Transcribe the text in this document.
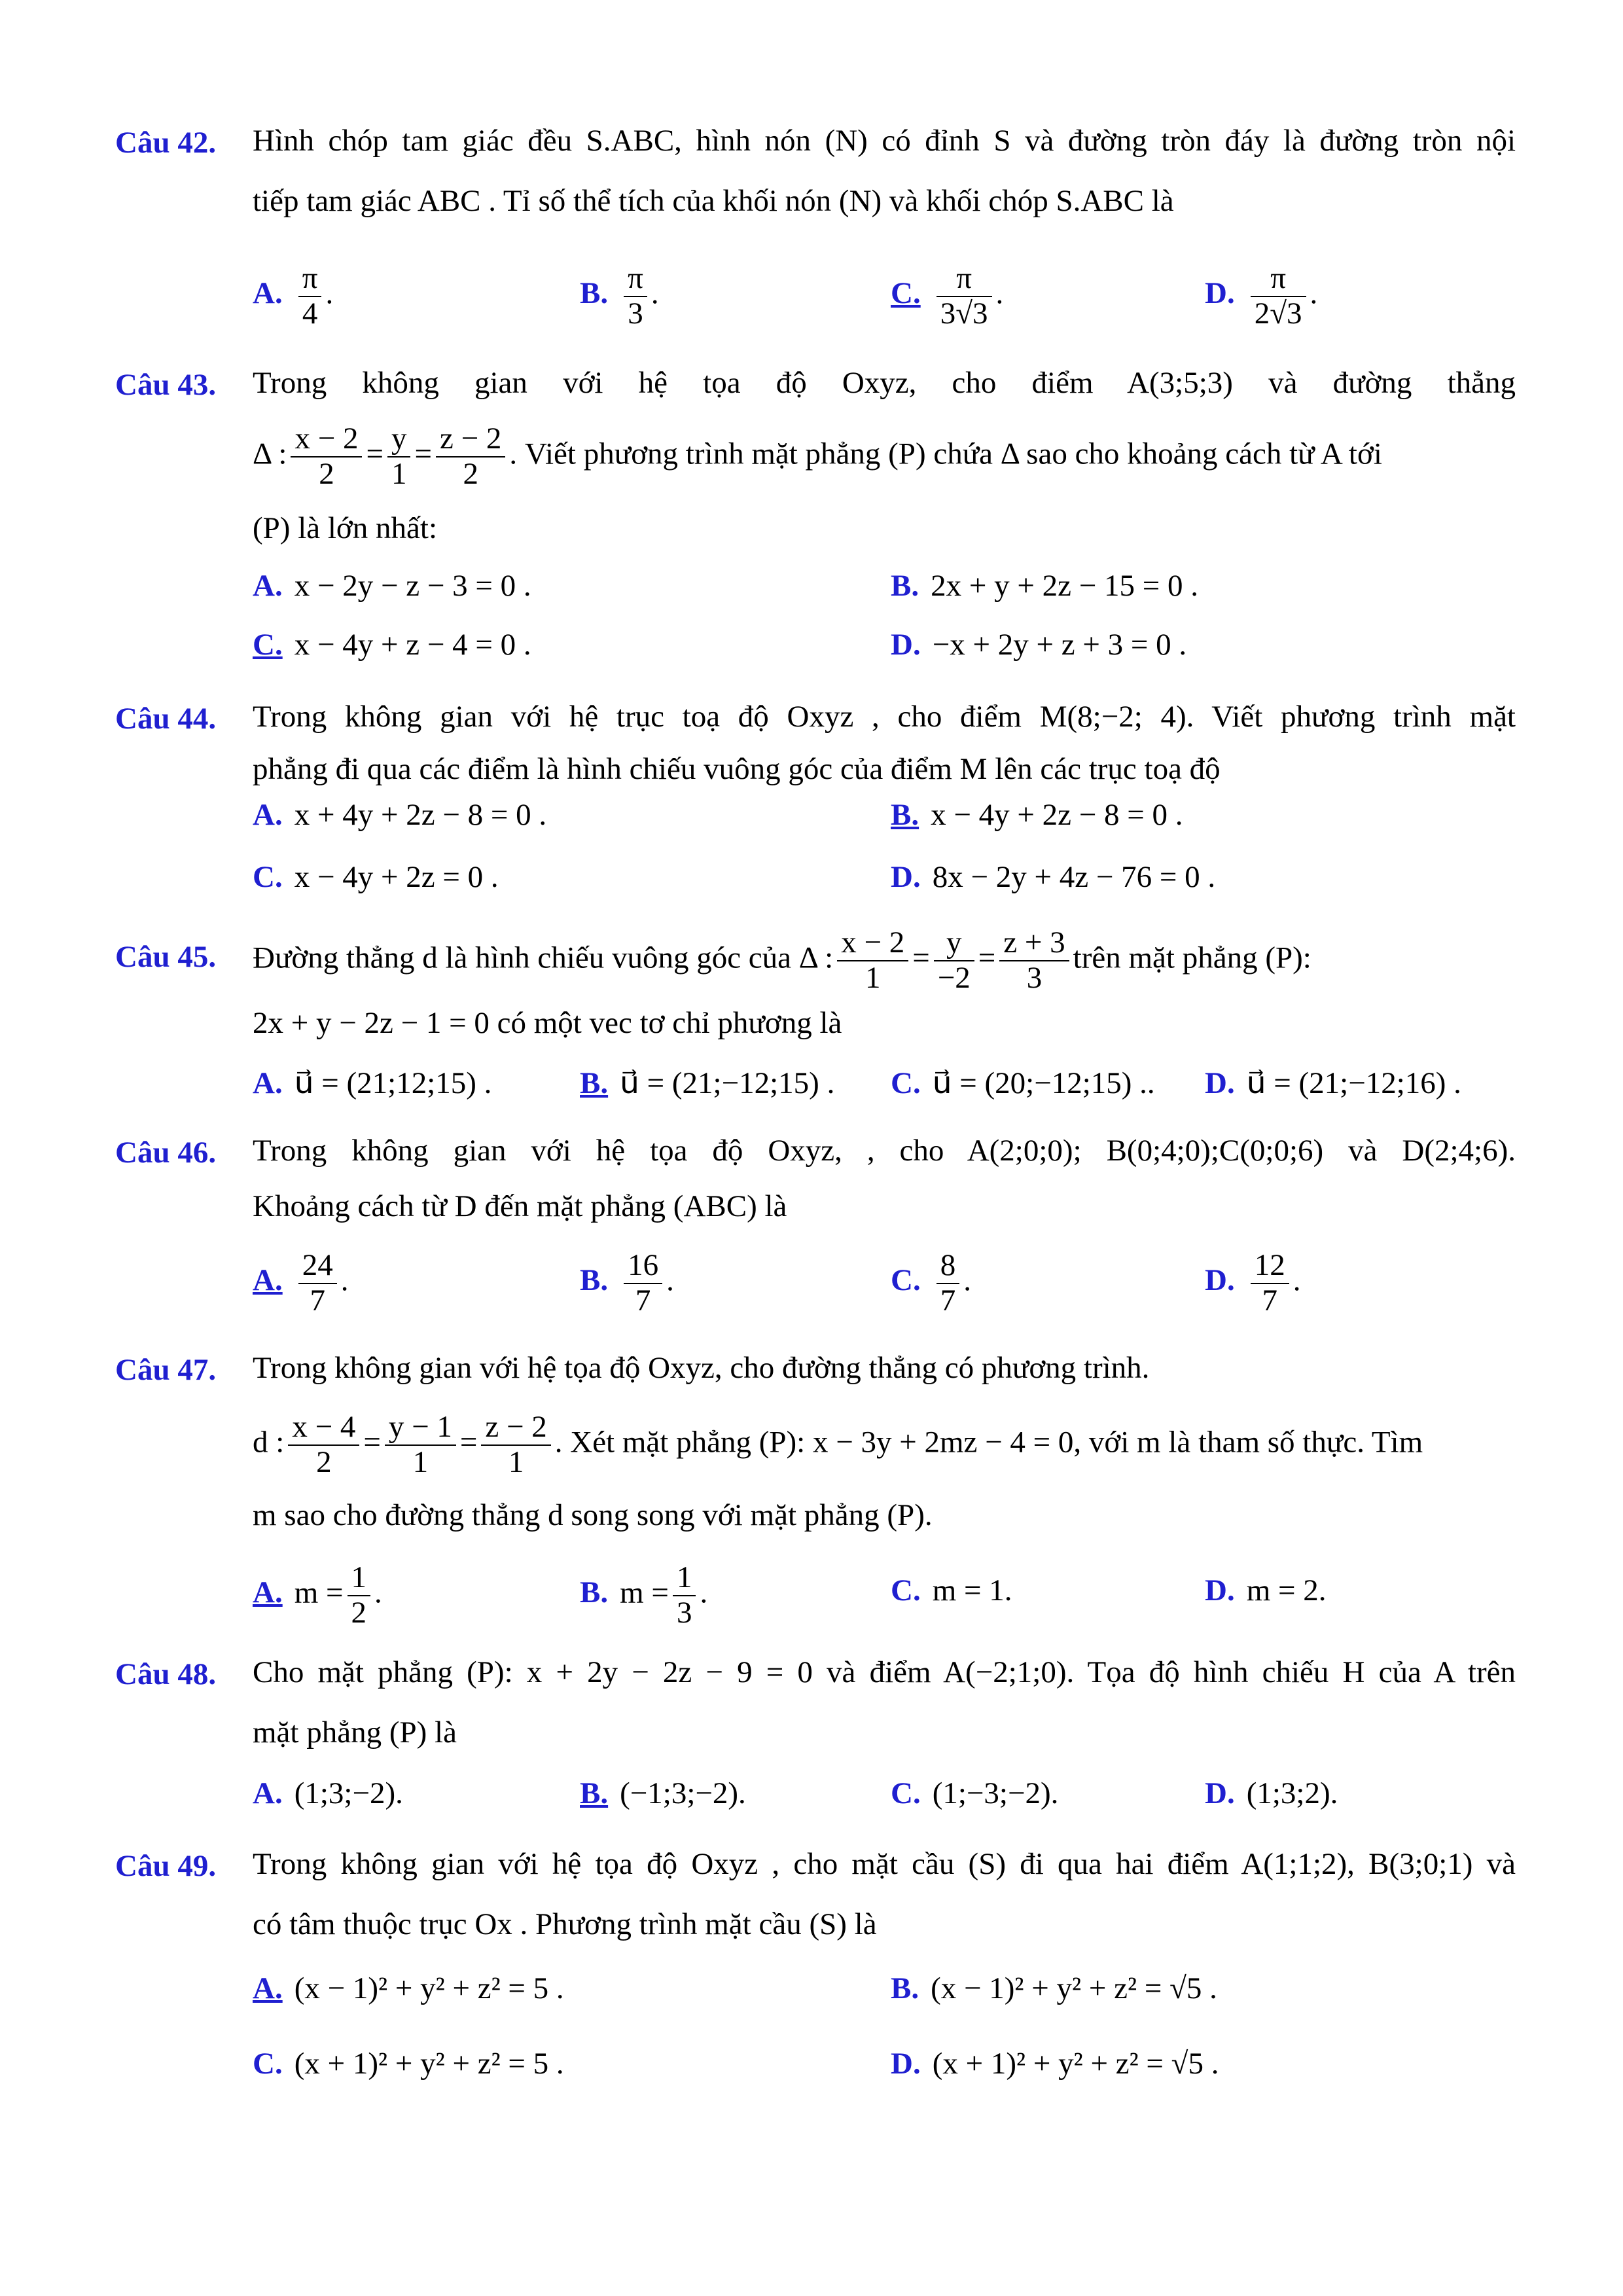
Câu 42. Hình chóp tam giác đều S.ABC, hình nón (N) có đỉnh S và đường tròn đáy là đường tròn nội
tiếp tam giác ABC . Tỉ số thể tích của khối nón (N) và khối chóp S.ABC là
A. $\frac{\pi}{4}$ .	B. $\frac{\pi}{3}$ .	C. $\frac{\pi}{3√3}$ .	D. $\frac{\pi}{2√3}$ .
Câu 43. Trong không gian với hệ tọa độ Oxyz, cho điểm A(3;5;3) và đường thẳng
Δ : $\frac{x - 2}{2} = \frac{y}{1} = \frac{z - 2}{2}$ . Viết phương trình mặt phẳng (P) chứa Δ sao cho khoảng cách từ A tới
(P) là lớn nhất:
A. x − 2y − z − 3 = 0 .	B. 2x + y + 2z − 15 = 0 .
C. x − 4y + z − 4 = 0 .	D. −x + 2y + z + 3 = 0 .
Câu 44. Trong không gian với hệ trục toạ độ Oxyz , cho điểm M(8;−2; 4). Viết phương trình mặt
phẳng đi qua các điểm là hình chiếu vuông góc của điểm M lên các trục toạ độ
A. x + 4y + 2z − 8 = 0 .	B. x − 4y + 2z − 8 = 0 .
C. x − 4y + 2z = 0 .	D. 8x − 2y + 4z − 76 = 0 .
Câu 45. Đường thẳng d là hình chiếu vuông góc của Δ : $\frac{x - 2}{1} = \frac{y}{-2} = \frac{z + 3}{3}$ trên mặt phẳng (P):
2x + y − 2z − 1 = 0 có một vec tơ chỉ phương là
A. u⃗ = (21;12;15) .	B. u⃗ = (21;−12;15) . C. u⃗ = (20;−12;15) .. D. u⃗ = (21;−12;16) .
Câu 46. Trong không gian với hệ tọa độ Oxyz, , cho A(2;0;0); B(0;4;0);C(0;0;6) và D(2;4;6).
Khoảng cách từ D đến mặt phẳng (ABC) là
A. $\frac{24}{7}$ .	B. $\frac{16}{7}$ .	C. $\frac{8}{7}$ .	D. $\frac{12}{7}$ .
Câu 47. Trong không gian với hệ tọa độ Oxyz, cho đường thẳng có phương trình.
d : $\frac{x - 4}{2} = \frac{y - 1}{1} = \frac{z - 2}{1}$ . Xét mặt phẳng (P): x − 3y + 2mz − 4 = 0, với m là tham số thực. Tìm
m sao cho đường thẳng d song song với mặt phẳng (P).
A. $m = \frac{1}{2}$ .	B. $m = \frac{1}{3}$ .	C. m = 1.	D. m = 2.
Câu 48. Cho mặt phẳng (P): x + 2y − 2z − 9 = 0 và điểm A(−2;1;0). Tọa độ hình chiếu H của A trên
mặt phẳng (P) là
A. (1;3;−2).	B. (−1;3;−2).	C. (1;−3;−2).	D. (1;3;2).
Câu 49. Trong không gian với hệ tọa độ Oxyz , cho mặt cầu (S) đi qua hai điểm A(1;1;2), B(3;0;1) và
có tâm thuộc trục Ox . Phương trình mặt cầu (S) là
A. (x − 1)² + y² + z² = 5 .	B. (x − 1)² + y² + z² = √5 .
C. (x + 1)² + y² + z² = 5 .	D. (x + 1)² + y² + z² = √5 .
